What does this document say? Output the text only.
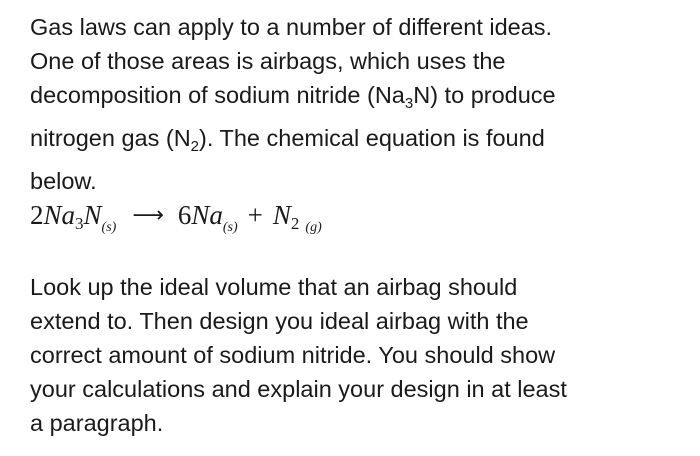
Gas laws can apply to a number of different ideas.
One of those areas is airbags, which uses the
decomposition of sodium nitride $(Na_3N)$ to produce
nitrogen gas $(N_2)$. The chemical equation is found
below.
$2Na3N_{(s)}$ ⟶ $6Na_{(s)} + N2$ $_{(g)}$
Look up the ideal volume that an airbag should
extend to. Then design you ideal airbag with the
correct amount of sodium nitride. You should show
your calculations and explain your design in at least
a paragraph.
